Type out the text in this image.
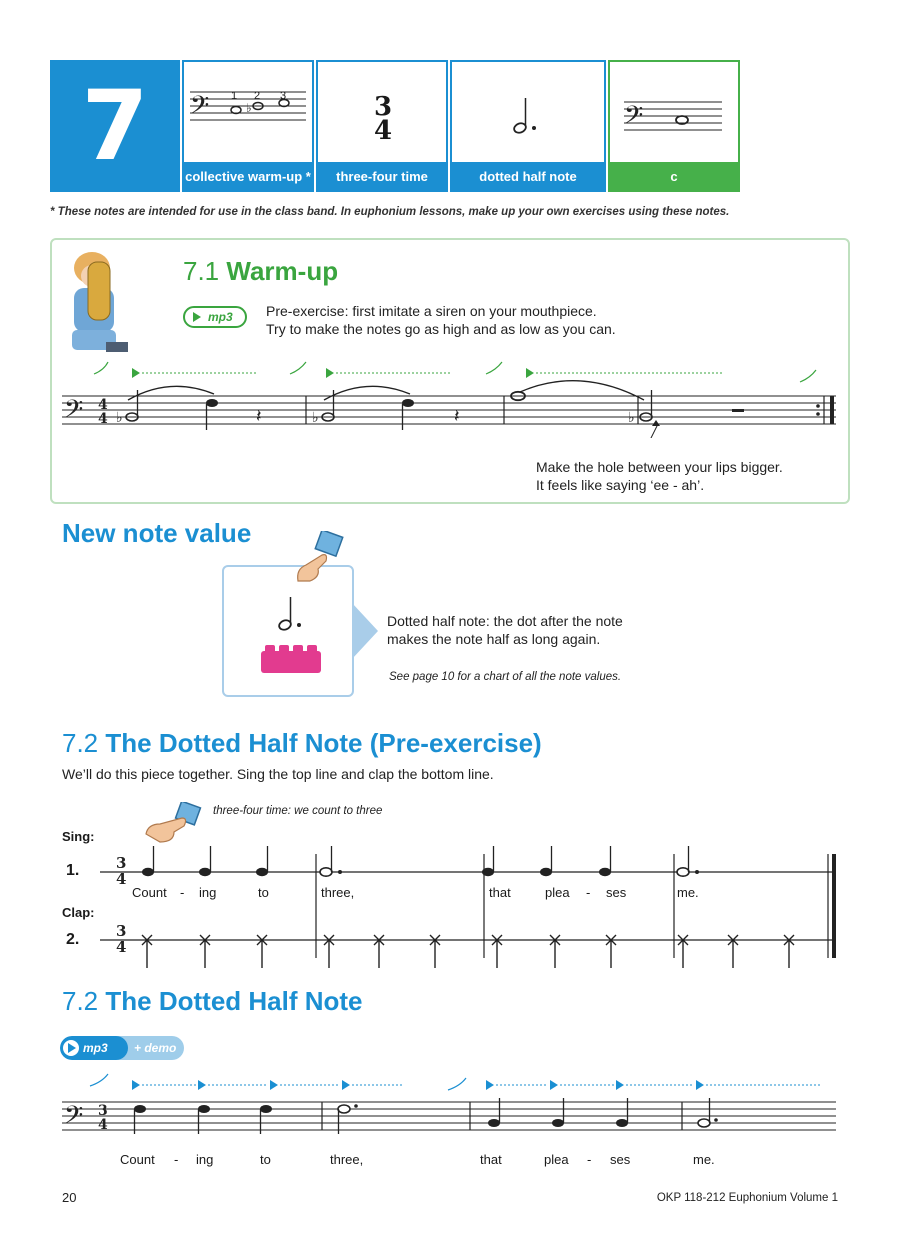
7	𝄢	♭
1 2 3
collective warm-up *
3
4
three-four time	dotted half note
𝄢
c
* These notes are intended for use in the class band. In euphonium lessons, make up your own exercises using these notes.
7.1 Warm-up
mp3 Pre-exercise: first imitate a siren on your mouthpiece.
Try to make the notes go as high and as low as you can.
𝄢 4
4 ♭	𝄽	♭	𝄽	♭
Make the hole between your lips bigger.
It feels like saying ‘ee - ah’.
New note value
Dotted half note: the dot after the note
makes the note half as long again.
See page 10 for a chart of all the note values.
7.2 The Dotted Half Note (Pre-exercise)
We’ll do this piece together. Sing the top line and clap the bottom line.
three-four time: we count to three
Sing:
1.
Clap:
2.
3
4
3
4
Count - ing	to	three,	that	plea - ses	me.
7.2 The Dotted Half Note
mp3	+ demo
𝄢 3
4
Count - ing	to	three,	that	plea - ses	me.
20	OKP 118-212 Euphonium Volume 1
